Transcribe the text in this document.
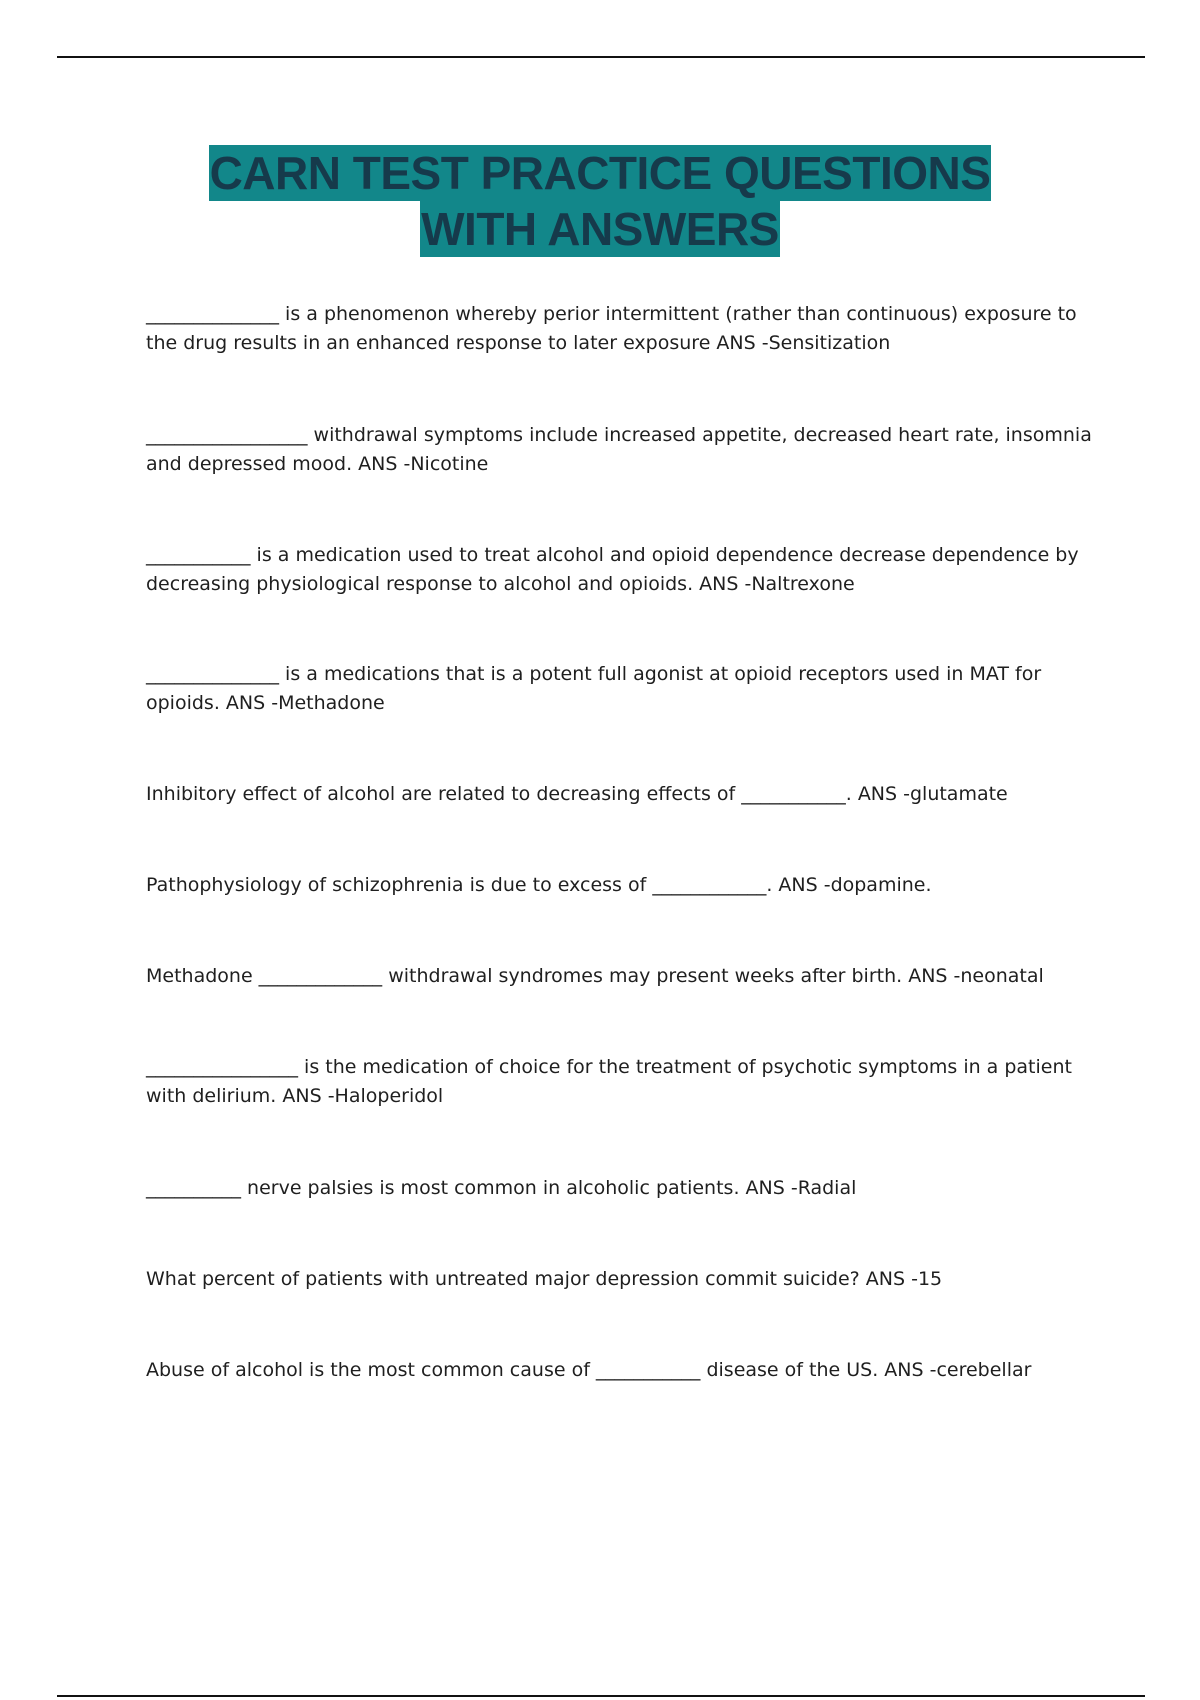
CARN TEST PRACTICE QUESTIONS
WITH ANSWERS
______________ is a phenomenon whereby perior intermittent (rather than continuous) exposure to the drug results in an enhanced response to later exposure ANS -Sensitization
_________________ withdrawal symptoms include increased appetite, decreased heart rate, insomnia and depressed mood. ANS -Nicotine
___________ is a medication used to treat alcohol and opioid dependence decrease dependence by decreasing physiological response to alcohol and opioids. ANS -Naltrexone
______________ is a medications that is a potent full agonist at opioid receptors used in MAT for opioids. ANS -Methadone
Inhibitory effect of alcohol are related to decreasing effects of ___________. ANS -glutamate
Pathophysiology of schizophrenia is due to excess of ____________. ANS -dopamine.
Methadone _____________ withdrawal syndromes may present weeks after birth. ANS -neonatal
________________ is the medication of choice for the treatment of psychotic symptoms in a patient with delirium. ANS -Haloperidol
__________ nerve palsies is most common in alcoholic patients. ANS -Radial
What percent of patients with untreated major depression commit suicide? ANS -15
Abuse of alcohol is the most common cause of ___________ disease of the US. ANS -cerebellar
